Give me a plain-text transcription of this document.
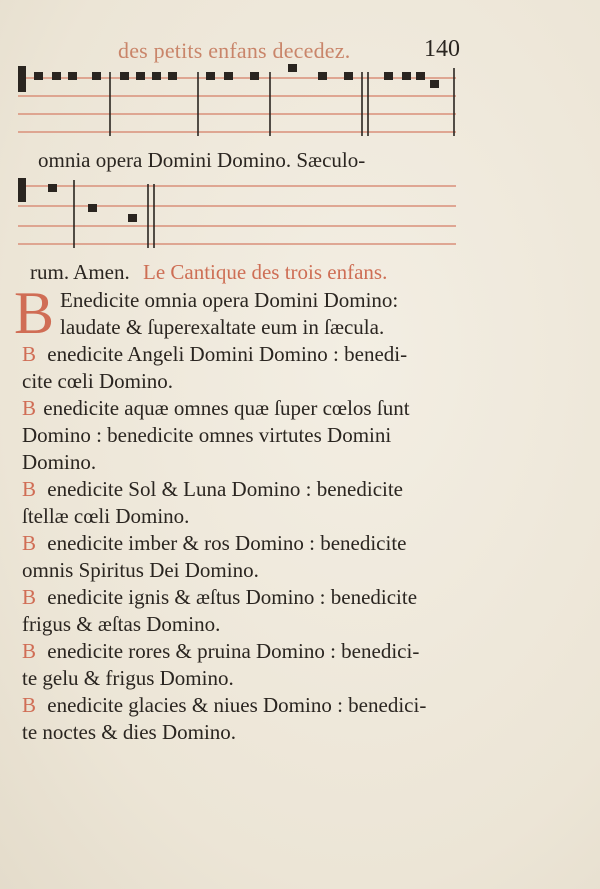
des petits enfans decedez.	140
omnia opera Domini Domino. Sæculo-
rum. Amen. Le Cantique des trois enfans.
B Enedicite omnia opera Domini Domino:
laudate & ſuperexaltate eum in ſæcula.
B enedicite Angeli Domini Domino : benedi-
cite cœli Domino.
B enedicite aquæ omnes quæ ſuper cœlos ſunt
Domino : benedicite omnes virtutes Domini
Domino.
B enedicite Sol & Luna Domino : benedicite
ſtellæ cœli Domino.
B enedicite imber & ros Domino : benedicite
omnis Spiritus Dei Domino.
B enedicite ignis & æſtus Domino : benedicite
frigus & æſtas Domino.
B enedicite rores & pruina Domino : benedici-
te gelu & frigus Domino.
B enedicite glacies & niues Domino : benedici-
te noctes & dies Domino.
